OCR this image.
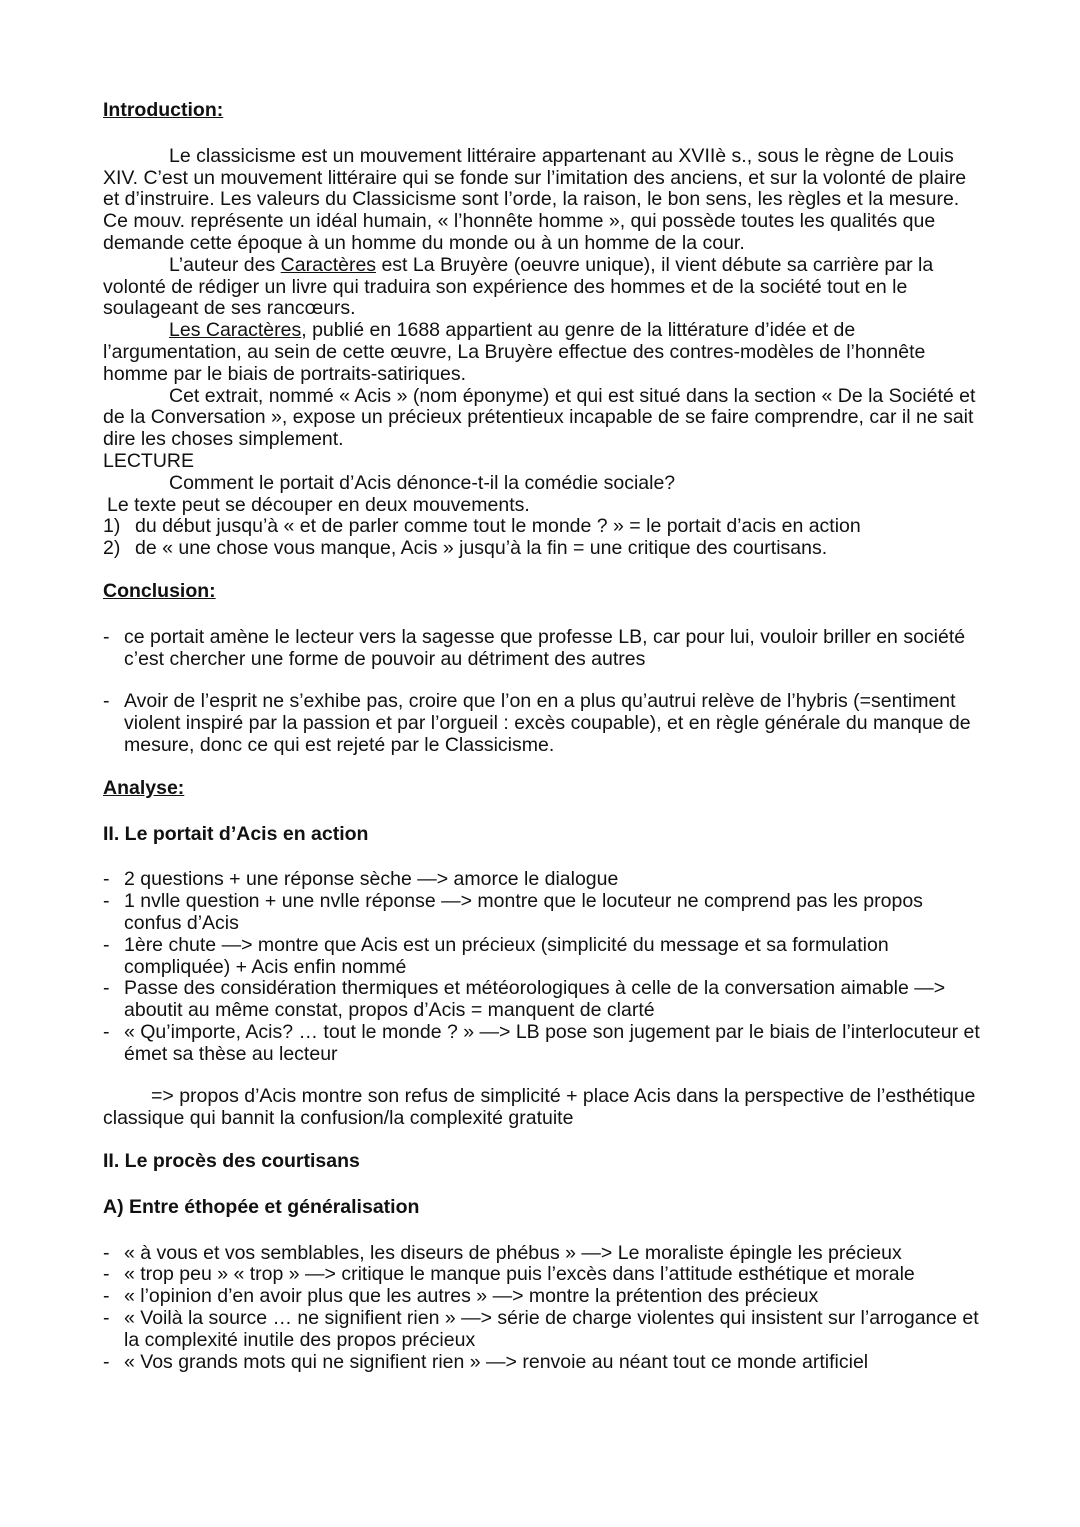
Introduction:

Le classicisme est un mouvement littéraire appartenant au XVIIè s., sous le règne de Louis XIV. C’est un mouvement littéraire qui se fonde sur l’imitation des anciens, et sur la volonté de plaire et d’instruire. Les valeurs du Classicisme sont l’orde, la raison, le bon sens, les règles et la mesure. Ce mouv. représente un idéal humain, « l’honnête homme », qui possède toutes les qualités que demande cette époque à un homme du monde ou à un homme de la cour.

L’auteur des Caractères est La Bruyère (oeuvre unique), il vient débute sa carrière par la volonté de rédiger un livre qui traduira son expérience des hommes et de la société tout en le soulageant de ses rancœurs.

Les Caractères, publié en 1688 appartient au genre de la littérature d’idée et de l’argumentation, au sein de cette œuvre, La Bruyère effectue des contres-modèles de l’honnête homme par le biais de portraits-satiriques.

Cet extrait, nommé « Acis » (nom éponyme) et qui est situé dans la section « De la Société et de la Conversation », expose un précieux prétentieux incapable de se faire comprendre, car il ne sait dire les choses simplement.

LECTURE

Comment le portait d’Acis dénonce-t-il la comédie sociale?

Le texte peut se découper en deux mouvements.

1) du début jusqu’à « et de parler comme tout le monde ? » = le portait d’acis en action
2) de « une chose vous manque, Acis » jusqu’à la fin = une critique des courtisans.

Conclusion:

- ce portait amène le lecteur vers la sagesse que professe LB, car pour lui, vouloir briller en société c’est chercher une forme de pouvoir au détriment des autres
- Avoir de l’esprit ne s’exhibe pas, croire que l’on en a plus qu’autrui relève de l’hybris (=sentiment violent inspiré par la passion et par l’orgueil : excès coupable), et en règle générale du manque de mesure, donc ce qui est rejeté par le Classicisme.

Analyse:

II. Le portait d’Acis en action

- 2 questions + une réponse sèche —> amorce le dialogue
- 1 nvlle question + une nvlle réponse —> montre que le locuteur ne comprend pas les propos confus d’Acis
- 1ère chute —> montre que Acis est un précieux (simplicité du message et sa formulation compliquée) + Acis enfin nommé
- Passe des considération thermiques et météorologiques à celle de la conversation aimable —> aboutit au même constat, propos d’Acis = manquent de clarté
- « Qu’importe, Acis? … tout le monde ? » —> LB pose son jugement par le biais de l’interlocuteur et émet sa thèse au lecteur

=> propos d’Acis montre son refus de simplicité + place Acis dans la perspective de l’esthétique classique qui bannit la confusion/la complexité gratuite

II. Le procès des courtisans

A) Entre éthopée et généralisation

- « à vous et vos semblables, les diseurs de phébus » —> Le moraliste épingle les précieux
- « trop peu » « trop » —> critique le manque puis l’excès dans l’attitude esthétique et morale
- « l’opinion d’en avoir plus que les autres » —> montre la prétention des précieux
- « Voilà la source … ne signifient rien » —> série de charge violentes qui insistent sur l’arrogance et la complexité inutile des propos précieux
- « Vos grands mots qui ne signifient rien » —> renvoie au néant tout ce monde artificiel
